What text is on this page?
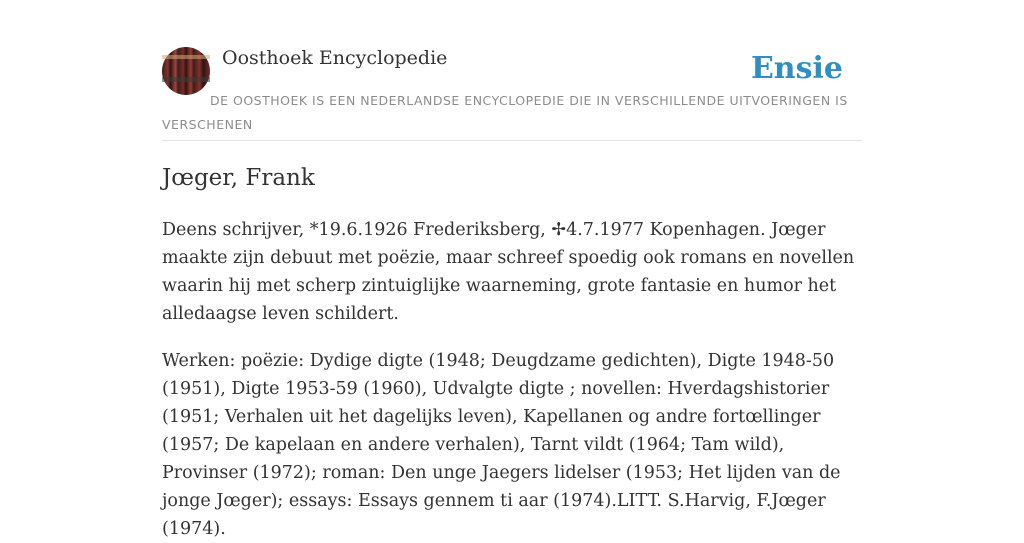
Oosthoek Encyclopedie	Ensie
DE OOSTHOEK IS EEN NEDERLANDSE ENCYCLOPEDIE DIE IN VERSCHILLENDE UITVOERINGEN IS VERSCHENEN
Jœger, Frank

Deens schrijver, *19.6.1926 Frederiksberg, ✢4.7.1977 Kopenhagen. Jœger maakte zijn debuut met poëzie, maar schreef spoedig ook romans en novellen waarin hij met scherp zintuiglijke waarneming, grote fantasie en humor het alledaagse leven schildert.

Werken: poëzie: Dydige digte (1948; Deugdzame gedichten), Digte 1948-50 (1951), Digte 1953-59 (1960), Udvalgte digte ; novellen: Hverdagshistorier (1951; Verhalen uit het dagelijks leven), Kapellanen og andre fortœllinger (1957; De kapelaan en andere verhalen), Tarnt vildt (1964; Tam wild), Provinser (1972); roman: Den unge Jaegers lidelser (1953; Het lijden van de jonge Jœger); essays: Essays gennem ti aar (1974).LITT. S.Harvig, F.Jœger (1974).
